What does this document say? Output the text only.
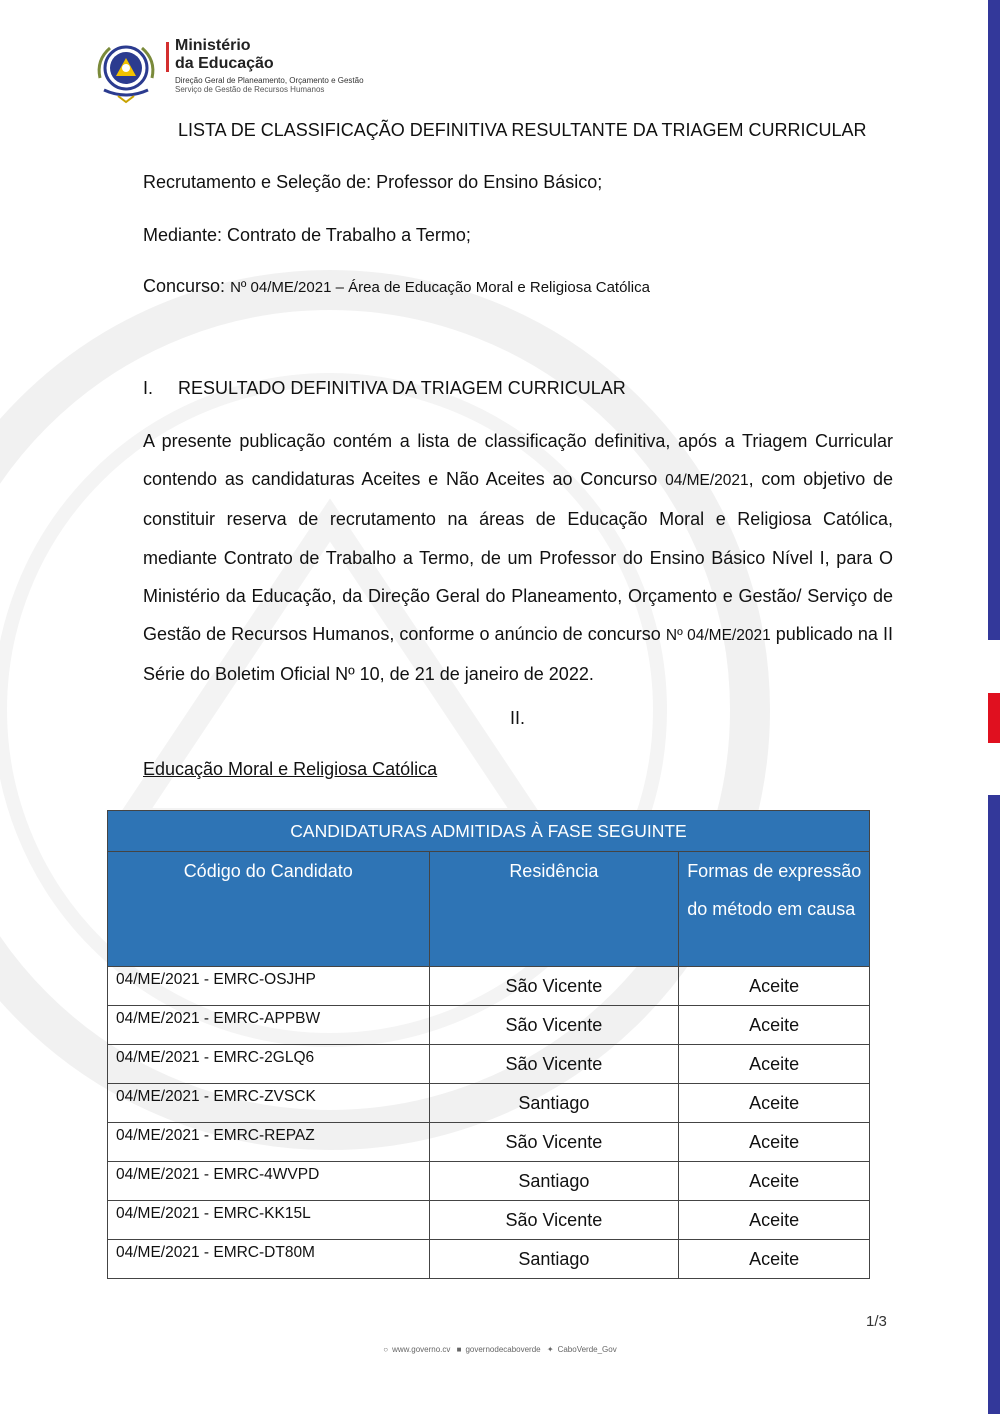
Ministério
da Educação
Direção Geral de Planeamento, Orçamento e Gestão
Serviço de Gestão de Recursos Humanos
LISTA DE CLASSIFICAÇÃO DEFINITIVA RESULTANTE DA TRIAGEM CURRICULAR
Recrutamento e Seleção de: Professor do Ensino Básico;
Mediante: Contrato de Trabalho a Termo;
Concurso: Nº 04/ME/2021 – Área de Educação Moral e Religiosa Católica
I. RESULTADO DEFINITIVA DA TRIAGEM CURRICULAR
A presente publicação contém a lista de classificação definitiva, após a Triagem Curricular contendo as candidaturas Aceites e Não Aceites ao Concurso 04/ME/2021, com objetivo de constituir reserva de recrutamento na áreas de Educação Moral e Religiosa Católica, mediante Contrato de Trabalho a Termo, de um Professor do Ensino Básico Nível I, para O Ministério da Educação, da Direção Geral do Planeamento, Orçamento e Gestão/ Serviço de Gestão de Recursos Humanos, conforme o anúncio de concurso Nº 04/ME/2021 publicado na II Série do Boletim Oficial Nº 10, de 21 de janeiro de 2022.
II.
Educação Moral e Religiosa Católica
CANDIDATURAS ADMITIDAS À FASE SEGUINTE		
Código do Candidato	Residência	Formas de expressão do método em causa
04/ME/2021 - EMRC-OSJHP	São Vicente	Aceite
04/ME/2021 - EMRC-APPBW	São Vicente	Aceite
04/ME/2021 - EMRC-2GLQ6	São Vicente	Aceite
04/ME/2021 - EMRC-ZVSCK	Santiago	Aceite
04/ME/2021 - EMRC-REPAZ	São Vicente	Aceite
04/ME/2021 - EMRC-4WVPD	Santiago	Aceite
04/ME/2021 - EMRC-KK15L	São Vicente	Aceite
04/ME/2021 - EMRC-DT80M	Santiago	Aceite
1/3
○ www.governo.cv ■ governodecaboverde ✦ CaboVerde_Gov
